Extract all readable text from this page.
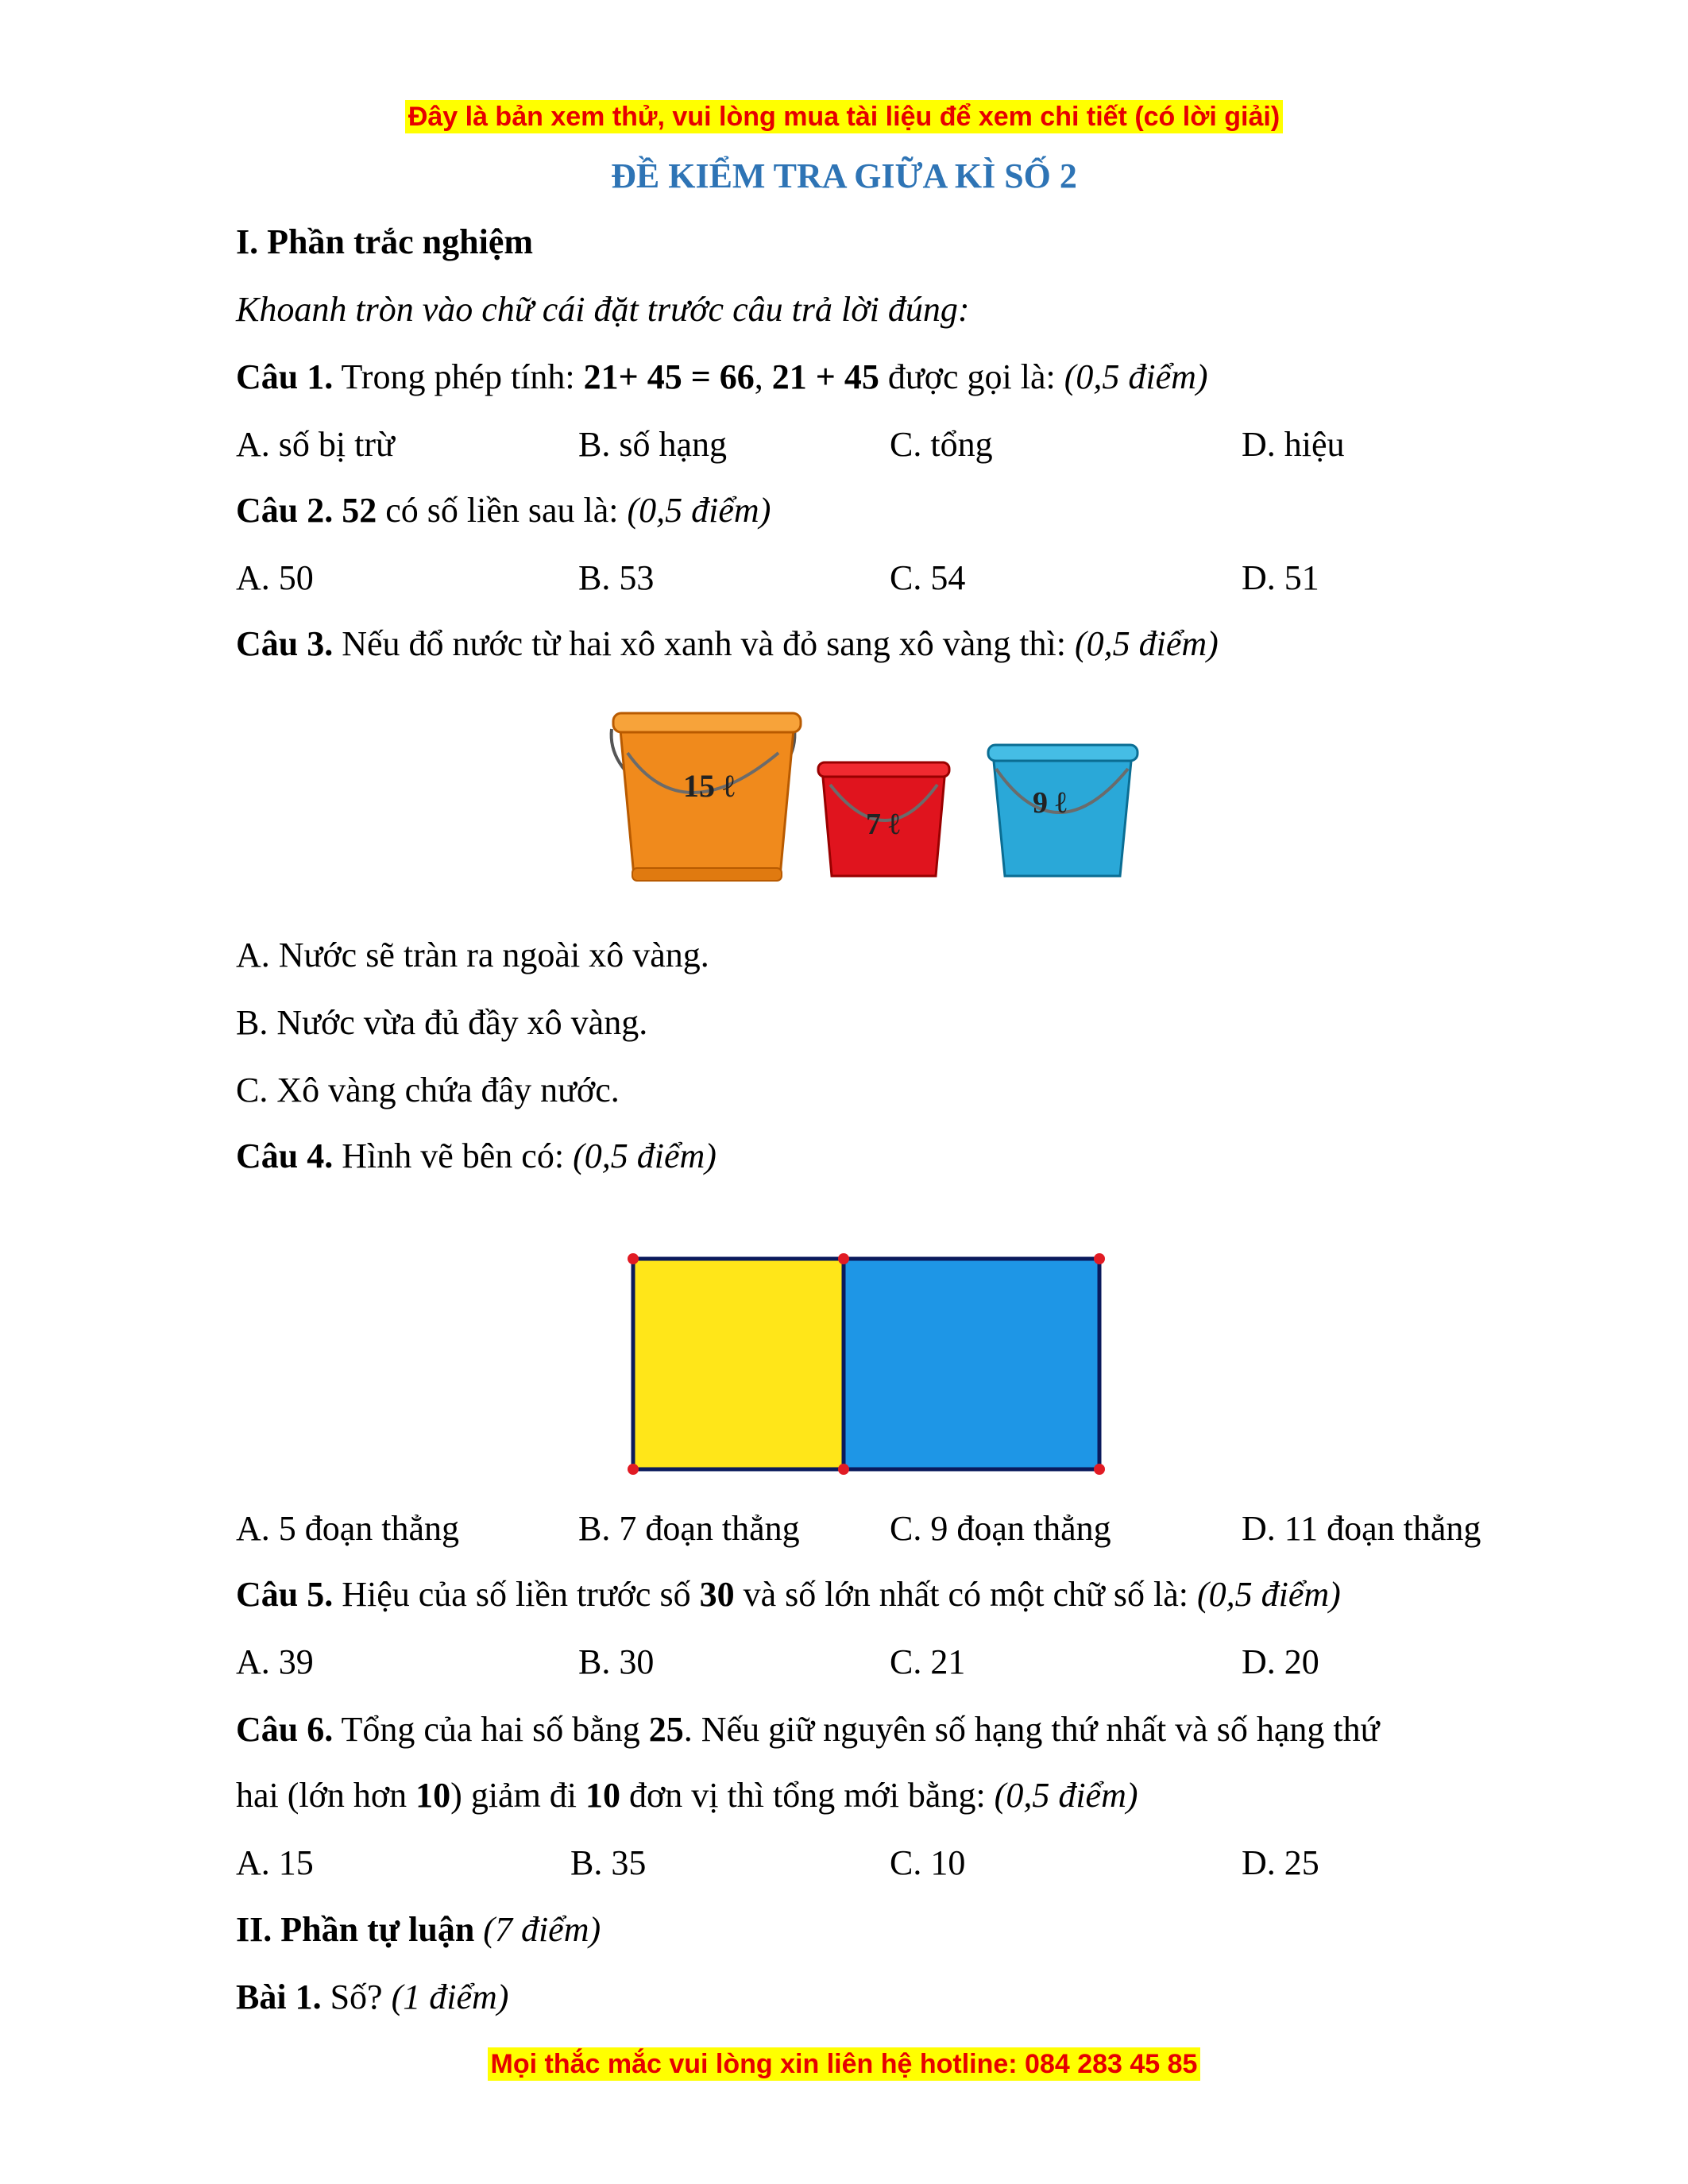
Đây là bản xem thử, vui lòng mua tài liệu để xem chi tiết (có lời giải)
ĐỀ KIỂM TRA GIỮA KÌ SỐ 2
I. Phần trắc nghiệm
Khoanh tròn vào chữ cái đặt trước câu trả lời đúng:
Câu 1. Trong phép tính: 21+ 45 = 66, 21 + 45 được gọi là: (0,5 điểm)
A. số bị trừ	B. số hạng	C. tổng	D. hiệu
Câu 2. 52 có số liền sau là: (0,5 điểm)
A. 50	B. 53	C. 54	D. 51
Câu 3. Nếu đổ nước từ hai xô xanh và đỏ sang xô vàng thì: (0,5 điểm)
15 ℓ
7 ℓ
9 ℓ
A. Nước sẽ tràn ra ngoài xô vàng.
B. Nước vừa đủ đầy xô vàng.
C. Xô vàng chứa đây nước.
Câu 4. Hình vẽ bên có: (0,5 điểm)
A. 5 đoạn thẳng	B. 7 đoạn thẳng	C. 9 đoạn thẳng	D. 11 đoạn thẳng
Câu 5. Hiệu của số liền trước số 30 và số lớn nhất có một chữ số là: (0,5 điểm)
A. 39	B. 30	C. 21	D. 20
Câu 6. Tổng của hai số bằng 25. Nếu giữ nguyên số hạng thứ nhất và số hạng thứ
hai (lớn hơn 10) giảm đi 10 đơn vị thì tổng mới bằng: (0,5 điểm)
A. 15	B. 35	C. 10	D. 25
II. Phần tự luận (7 điểm)
Bài 1. Số? (1 điểm)
Mọi thắc mắc vui lòng xin liên hệ hotline: 084 283 45 85
